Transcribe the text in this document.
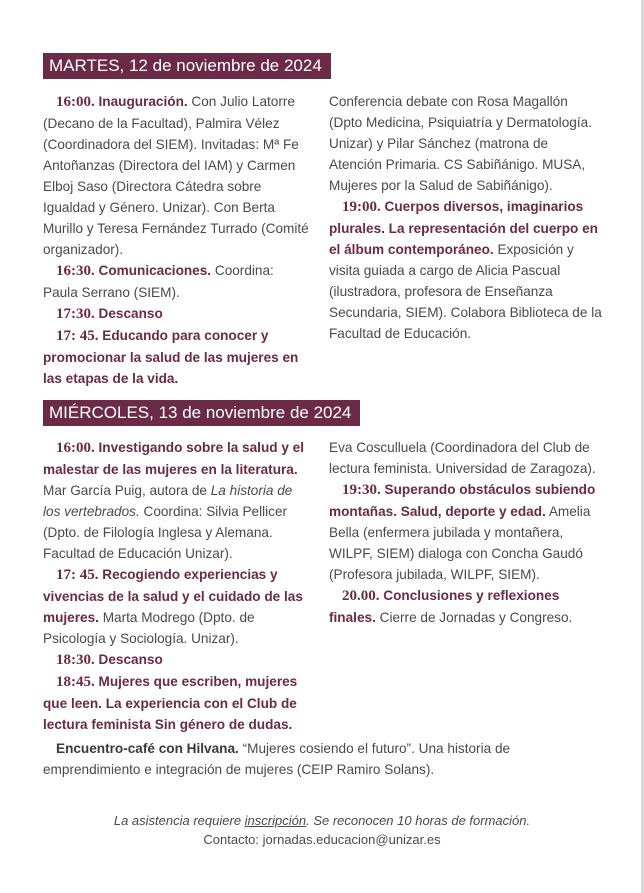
MARTES, 12 de noviembre de 2024

16:00. Inauguración. Con Julio Latorre (Decano de la Facultad), Palmira Vélez (Coordinadora del SIEM). Invitadas: Mª Fe Antoñanzas (Directora del IAM) y Carmen Elboj Saso (Directora Cátedra sobre Igualdad y Género. Unizar). Con Berta Murillo y Teresa Fernández Turrado (Comité organizador).

16:30. Comunicaciones. Coordina: Paula Serrano (SIEM).

17:30. Descanso

17: 45. Educando para conocer y promocionar la salud de las mujeres en las etapas de la vida.

Conferencia debate con Rosa Magallón (Dpto Medicina, Psiquiatría y Dermatología. Unizar) y Pilar Sánchez (matrona de Atención Primaria. CS Sabiñánigo. MUSA, Mujeres por la Salud de Sabiñánigo).

19:00. Cuerpos diversos, imaginarios plurales. La representación del cuerpo en el álbum contemporáneo. Exposición y visita guiada a cargo de Alicia Pascual (ilustradora, profesora de Enseñanza Secundaria, SIEM). Colabora Biblioteca de la Facultad de Educación.

MIÉRCOLES, 13 de noviembre de 2024

16:00. Investigando sobre la salud y el malestar de las mujeres en la literatura. Mar García Puig, autora de La historia de los vertebrados. Coordina: Silvia Pellicer (Dpto. de Filología Inglesa y Alemana. Facultad de Educación Unizar).

17: 45. Recogiendo experiencias y vivencias de la salud y el cuidado de las mujeres. Marta Modrego (Dpto. de Psicología y Sociología. Unizar).

18:30. Descanso

18:45. Mujeres que escriben, mujeres que leen. La experiencia con el Club de lectura feminista Sin género de dudas.

Eva Cosculluela (Coordinadora del Club de lectura feminista. Universidad de Zaragoza).

19:30. Superando obstáculos subiendo montañas. Salud, deporte y edad. Amelia Bella (enfermera jubilada y montañera, WILPF, SIEM) dialoga con Concha Gaudó (Profesora jubilada, WILPF, SIEM).

20.00. Conclusiones y reflexiones finales. Cierre de Jornadas y Congreso.

Encuentro-café con Hilvana. “Mujeres cosiendo el futuro”. Una historia de emprendimiento e integración de mujeres (CEIP Ramiro Solans).

La asistencia requiere inscripción. Se reconocen 10 horas de formación.
Contacto: jornadas.educacion@unizar.es
